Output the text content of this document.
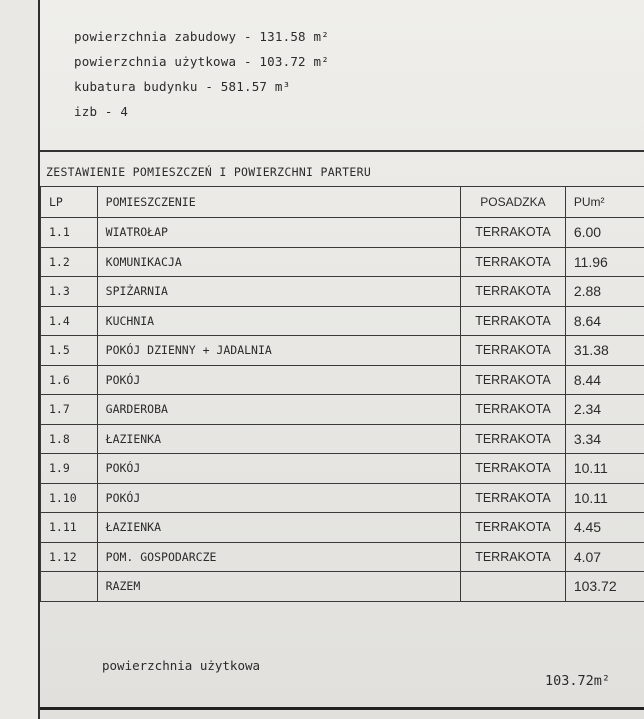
powierzchnia zabudowy - 131.58 m²
powierzchnia użytkowa - 103.72 m²
kubatura budynku - 581.57 m³
izb - 4
ZESTAWIENIE POMIESZCZEŃ I POWIERZCHNI PARTERU
LP	POMIESZCZENIE	POSADZKA	PUm²
1.1	WIATROŁAP	TERRAKOTA	6.00
1.2	KOMUNIKACJA	TERRAKOTA	11.96
1.3	SPIŻARNIA	TERRAKOTA	2.88
1.4	KUCHNIA	TERRAKOTA	8.64
1.5	POKÓJ DZIENNY + JADALNIA	TERRAKOTA	31.38
1.6	POKÓJ	TERRAKOTA	8.44
1.7	GARDEROBA	TERRAKOTA	2.34
1.8	ŁAZIENKA	TERRAKOTA	3.34
1.9	POKÓJ	TERRAKOTA	10.11
1.10	POKÓJ	TERRAKOTA	10.11
1.11	ŁAZIENKA	TERRAKOTA	4.45
1.12	POM. GOSPODARCZE	TERRAKOTA	4.07
	RAZEM		103.72
powierzchnia użytkowa
103.72m²
